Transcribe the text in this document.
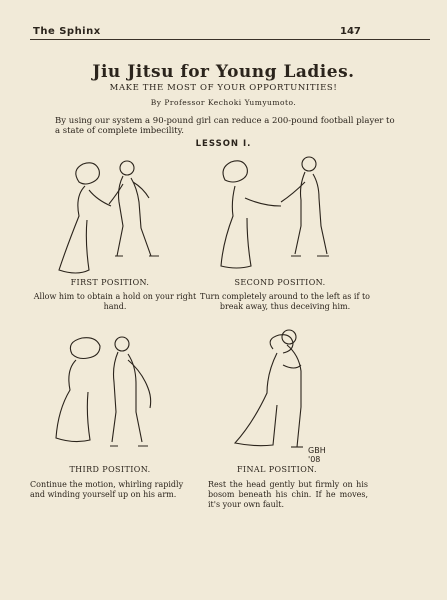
The Sphinx	147
Jiu Jitsu for Young Ladies.
MAKE THE MOST OF YOUR OPPORTUNITIES!
By Professor Kechoki Yumyumoto.
By using our system a 90-pound girl can reduce a 200-pound football player to a state of complete imbecility.
LESSON I.
FIRST POSITION.
Allow him to obtain a hold on your right hand.
SECOND POSITION.
Turn completely around to the left as if to break away, thus deceiving him.
THIRD POSITION.
Continue the motion, whirling rapidly and winding yourself up on his arm.
GBH '08
FINAL POSITION.
Rest the head gently but firmly on his bosom beneath his chin. If he moves, it's your own fault.
